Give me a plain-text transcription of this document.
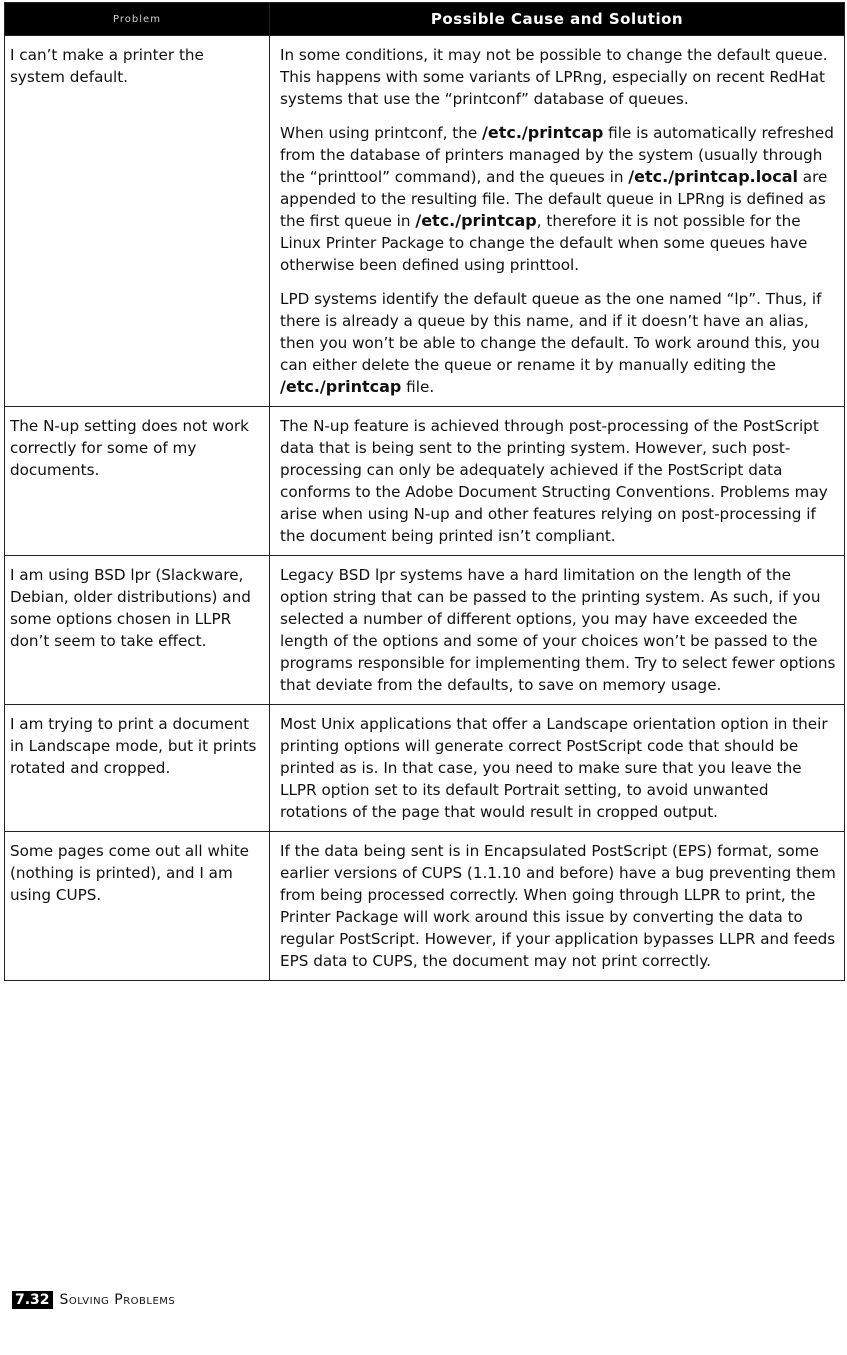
Problem	Possible Cause and Solution
I can’t make a printer the system default.	In some conditions, it may not be possible to change the default queue. This happens with some variants of LPRng, especially on recent RedHat systems that use the “printconf” database of queues.

When using printconf, the /etc./printcap file is automatically refreshed from the database of printers managed by the system (usually through the “printtool” command), and the queues in /etc./printcap.local are appended to the resulting file. The default queue in LPRng is defined as the first queue in /etc./printcap, therefore it is not possible for the Linux Printer Package to change the default when some queues have otherwise been defined using printtool.

LPD systems identify the default queue as the one named “lp”. Thus, if there is already a queue by this name, and if it doesn’t have an alias, then you won’t be able to change the default. To work around this, you can either delete the queue or rename it by manually editing the /etc./printcap file.

The N-up setting does not work correctly for some of my documents.	The N-up feature is achieved through post-processing of the PostScript data that is being sent to the printing system. However, such post-processing can only be adequately achieved if the PostScript data conforms to the Adobe Document Structing Conventions. Problems may arise when using N-up and other features relying on post-processing if the document being printed isn’t compliant.

I am using BSD lpr (Slackware, Debian, older distributions) and some options chosen in LLPR don’t seem to take effect.	Legacy BSD lpr systems have a hard limitation on the length of the option string that can be passed to the printing system. As such, if you selected a number of different options, you may have exceeded the length of the options and some of your choices won’t be passed to the programs responsible for implementing them. Try to select fewer options that deviate from the defaults, to save on memory usage.

I am trying to print a document in Landscape mode, but it prints rotated and cropped.	Most Unix applications that offer a Landscape orientation option in their printing options will generate correct PostScript code that should be printed as is. In that case, you need to make sure that you leave the LLPR option set to its default Portrait setting, to avoid unwanted rotations of the page that would result in cropped output.

Some pages come out all white (nothing is printed), and I am using CUPS.	If the data being sent is in Encapsulated PostScript (EPS) format, some earlier versions of CUPS (1.1.10 and before) have a bug preventing them from being processed correctly. When going through LLPR to print, the Printer Package will work around this issue by converting the data to regular PostScript. However, if your application bypasses LLPR and feeds EPS data to CUPS, the document may not print correctly.

7.32 Solving Problems
